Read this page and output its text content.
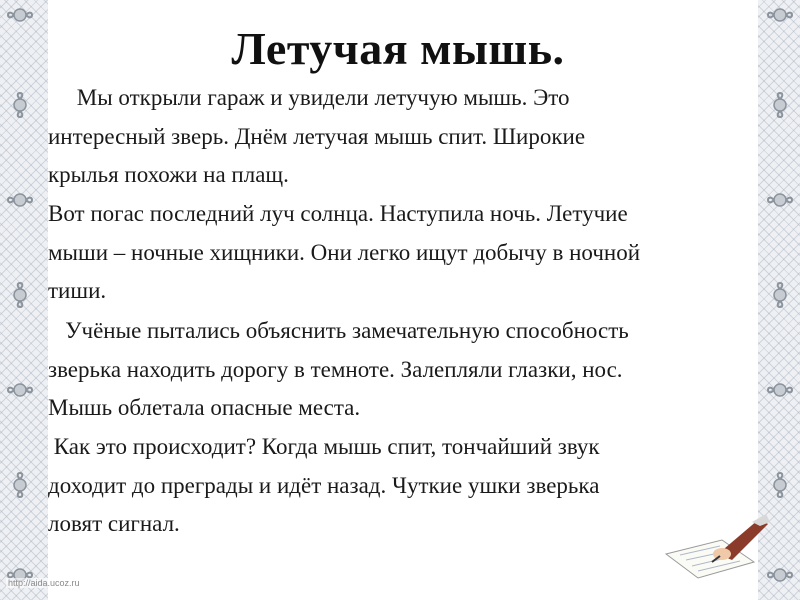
Летучая мышь.

Мы открыли гараж и увидели летучую мышь. Это
интересный зверь. Днём летучая мышь спит. Широкие
крылья похожи на плащ.

Вот погас последний луч солнца. Наступила ночь. Летучие
мыши – ночные хищники. Они легко ищут добычу в ночной
тиши.

Учёные пытались объяснить замечательную способность
зверька находить дорогу в темноте. Залепляли глазки, нос.
Мышь облетала опасные места.

Как это происходит? Когда мышь спит, тончайший звук
доходит до преграды и идёт назад. Чуткие ушки зверька
ловят сигнал.

http://aida.ucoz.ru
